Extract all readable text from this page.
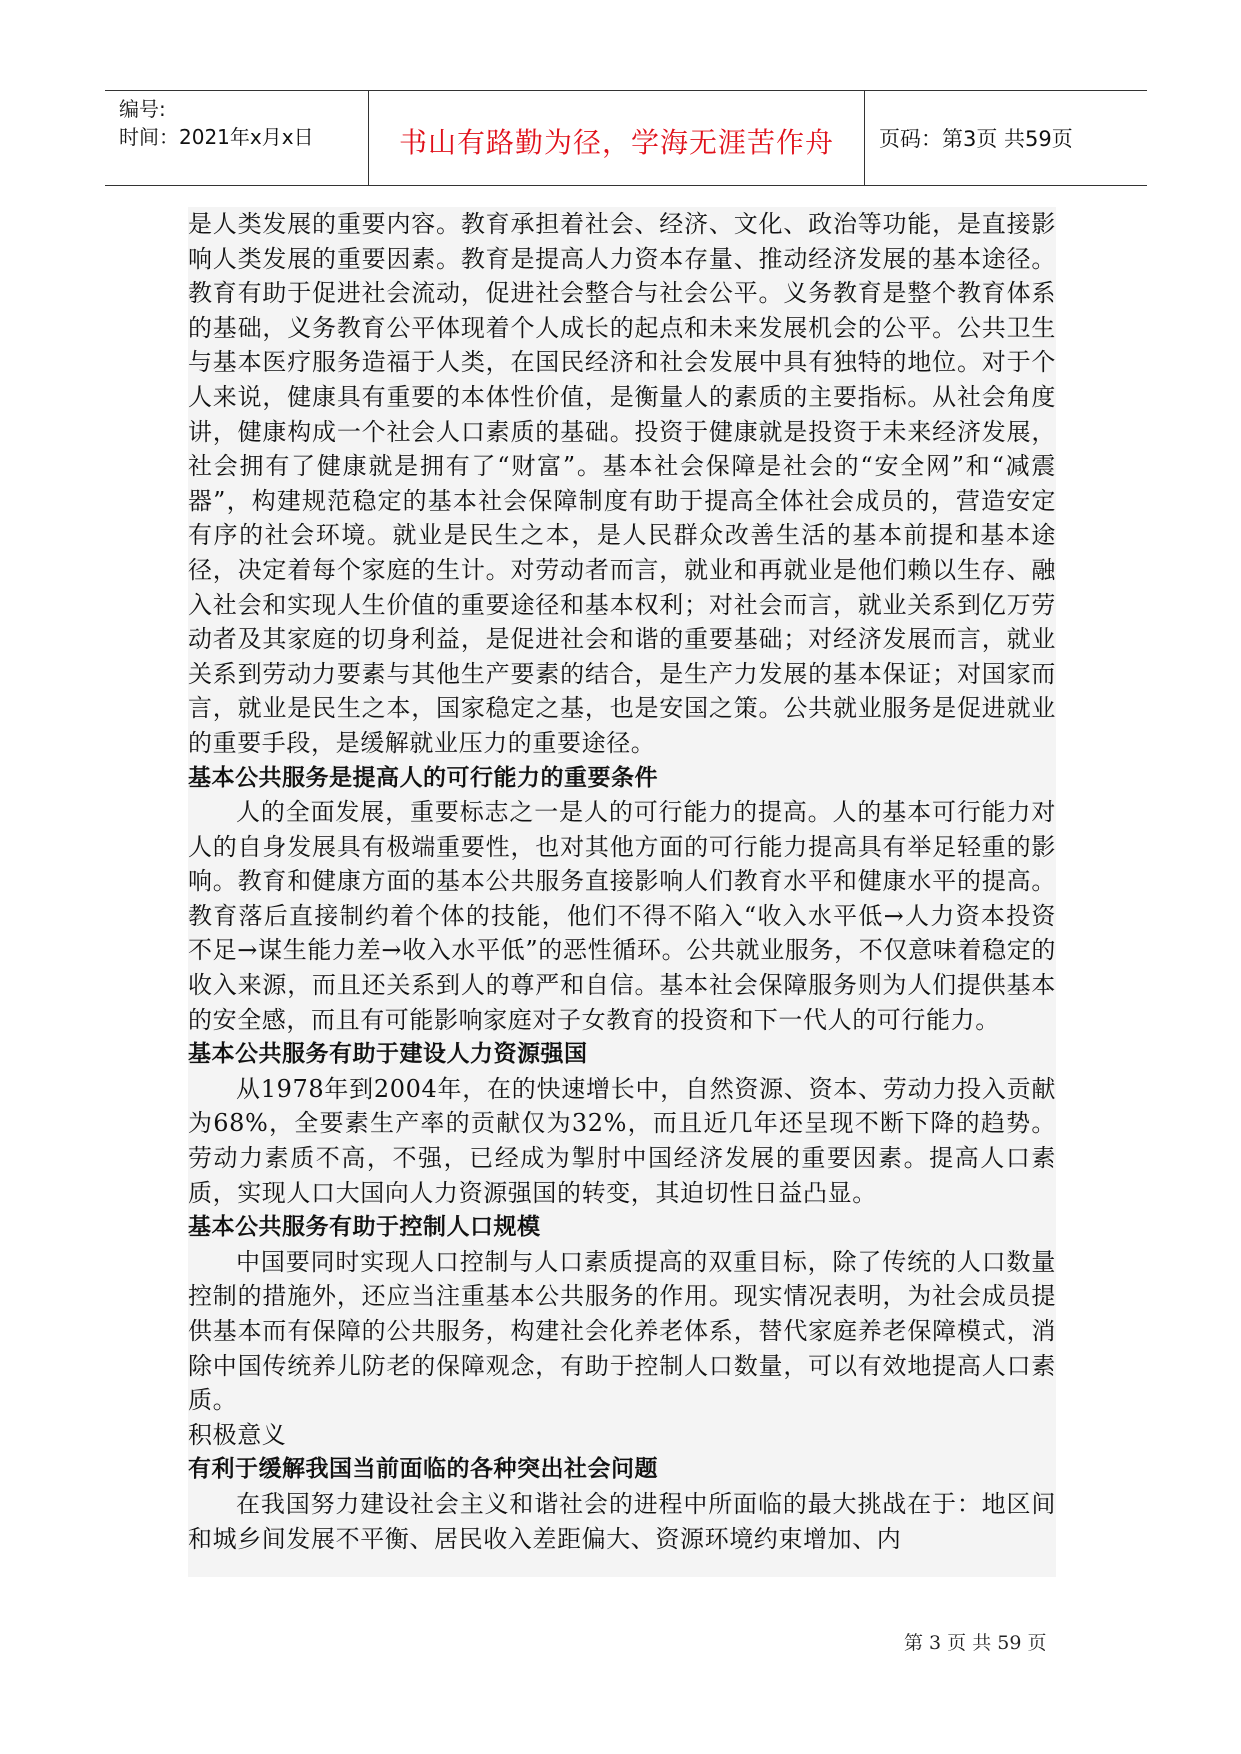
编号:
时间：2021年x月x日	书山有路勤为径，学海无涯苦作舟	页码：第3页 共59页

是人类发展的重要内容。教育承担着社会、经济、文化、政治等功能，是直接影响人类发展的重要因素。教育是提高人力资本存量、推动经济发展的基本途径。教育有助于促进社会流动，促进社会整合与社会公平。义务教育是整个教育体系的基础，义务教育公平体现着个人成长的起点和未来发展机会的公平。公共卫生与基本医疗服务造福于人类，在国民经济和社会发展中具有独特的地位。对于个人来说，健康具有重要的本体性价值，是衡量人的素质的主要指标。从社会角度讲，健康构成一个社会人口素质的基础。投资于健康就是投资于未来经济发展，社会拥有了健康就是拥有了“财富”。基本社会保障是社会的“安全网”和“减震器”，构建规范稳定的基本社会保障制度有助于提高全体社会成员的，营造安定有序的社会环境。就业是民生之本，是人民群众改善生活的基本前提和基本途径，决定着每个家庭的生计。对劳动者而言，就业和再就业是他们赖以生存、融入社会和实现人生价值的重要途径和基本权利；对社会而言，就业关系到亿万劳动者及其家庭的切身利益，是促进社会和谐的重要基础；对经济发展而言，就业关系到劳动力要素与其他生产要素的结合，是生产力发展的基本保证；对国家而言，就业是民生之本，国家稳定之基，也是安国之策。公共就业服务是促进就业的重要手段，是缓解就业压力的重要途径。

基本公共服务是提高人的可行能力的重要条件

人的全面发展，重要标志之一是人的可行能力的提高。人的基本可行能力对人的自身发展具有极端重要性，也对其他方面的可行能力提高具有举足轻重的影响。教育和健康方面的基本公共服务直接影响人们教育水平和健康水平的提高。教育落后直接制约着个体的技能，他们不得不陷入“收入水平低→人力资本投资不足→谋生能力差→收入水平低”的恶性循环。公共就业服务，不仅意味着稳定的收入来源，而且还关系到人的尊严和自信。基本社会保障服务则为人们提供基本的安全感，而且有可能影响家庭对子女教育的投资和下一代人的可行能力。

基本公共服务有助于建设人力资源强国

从1978年到2004年，在的快速增长中，自然资源、资本、劳动力投入贡献为68%，全要素生产率的贡献仅为32%，而且近几年还呈现不断下降的趋势。劳动力素质不高，不强，已经成为掣肘中国经济发展的重要因素。提高人口素质，实现人口大国向人力资源强国的转变，其迫切性日益凸显。

基本公共服务有助于控制人口规模

中国要同时实现人口控制与人口素质提高的双重目标，除了传统的人口数量控制的措施外，还应当注重基本公共服务的作用。现实情况表明，为社会成员提供基本而有保障的公共服务，构建社会化养老体系，替代家庭养老保障模式，消除中国传统养儿防老的保障观念，有助于控制人口数量，可以有效地提高人口素质。

积极意义

有利于缓解我国当前面临的各种突出社会问题

在我国努力建设社会主义和谐社会的进程中所面临的最大挑战在于：地区间和城乡间发展不平衡、居民收入差距偏大、资源环境约束增加、内

第 3 页 共 59 页
